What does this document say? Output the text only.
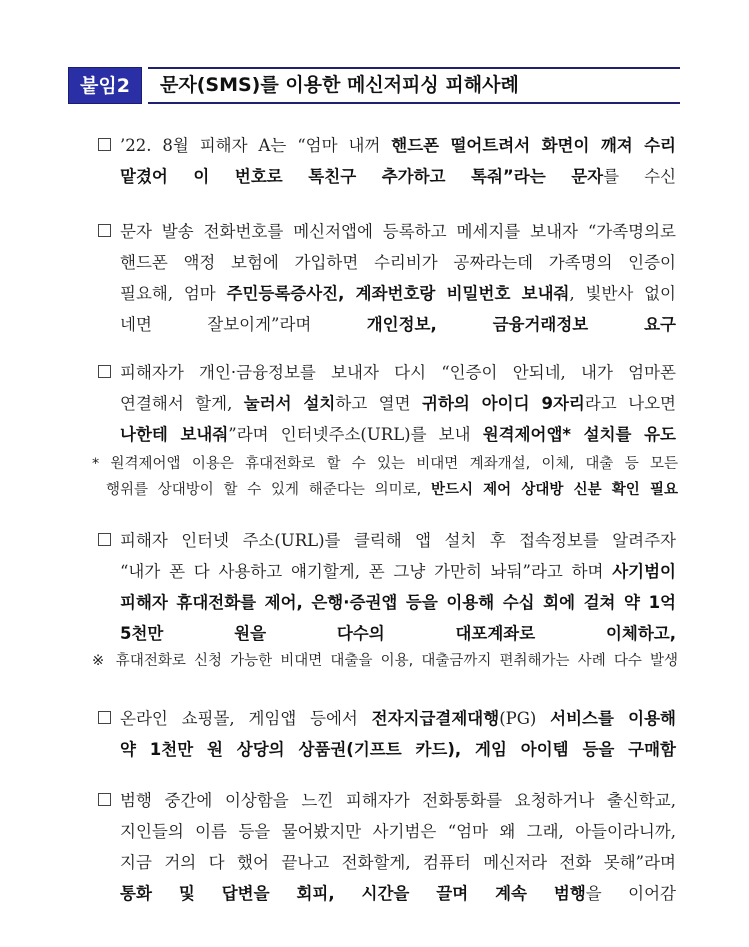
붙임2	문자(SMS)를 이용한 메신저피싱 피해사례
’22. 8월 피해자 A는 “엄마 내꺼 핸드폰 떨어트려서 화면이 깨져 수리
맡겼어 이 번호로 톡친구 추가하고 톡줘”라는 문자를 수신
문자 발송 전화번호를 메신저앱에 등록하고 메세지를 보내자 “가족명의로
핸드폰 액정 보험에 가입하면 수리비가 공짜라는데 가족명의 인증이
필요해, 엄마 주민등록증사진, 계좌번호랑 비밀번호 보내줘, 빛반사 없이
네면 잘보이게”라며 개인정보, 금융거래정보 요구
피해자가 개인·금융정보를 보내자 다시 “인증이 안되네, 내가 엄마폰
연결해서 할게, 눌러서 설치하고 열면 귀하의 아이디 9자리라고 나오면
나한테 보내줘”라며 인터넷주소(URL)를 보내 원격제어앱* 설치를 유도
* 원격제어앱 이용은 휴대전화로 할 수 있는 비대면 계좌개설, 이체, 대출 등 모든
행위를 상대방이 할 수 있게 해준다는 의미로, 반드시 제어 상대방 신분 확인 필요
피해자 인터넷 주소(URL)를 클릭해 앱 설치 후 접속정보를 알려주자
“내가 폰 다 사용하고 얘기할게, 폰 그냥 가만히 놔둬”라고 하며 사기범이
피해자 휴대전화를 제어, 은행·증권앱 등을 이용해 수십 회에 걸쳐 약 1억
5천만 원을 다수의 대포계좌로 이체하고,
※ 휴대전화로 신청 가능한 비대면 대출을 이용, 대출금까지 편취해가는 사례 다수 발생
온라인 쇼핑몰, 게임앱 등에서 전자지급결제대행(PG) 서비스를 이용해
약 1천만 원 상당의 상품권(기프트 카드), 게임 아이템 등을 구매함
범행 중간에 이상함을 느낀 피해자가 전화통화를 요청하거나 출신학교,
지인들의 이름 등을 물어봤지만 사기범은 “엄마 왜 그래, 아들이라니까,
지금 거의 다 했어 끝나고 전화할게, 컴퓨터 메신저라 전화 못해”라며
통화 및 답변을 회피, 시간을 끌며 계속 범행을 이어감
